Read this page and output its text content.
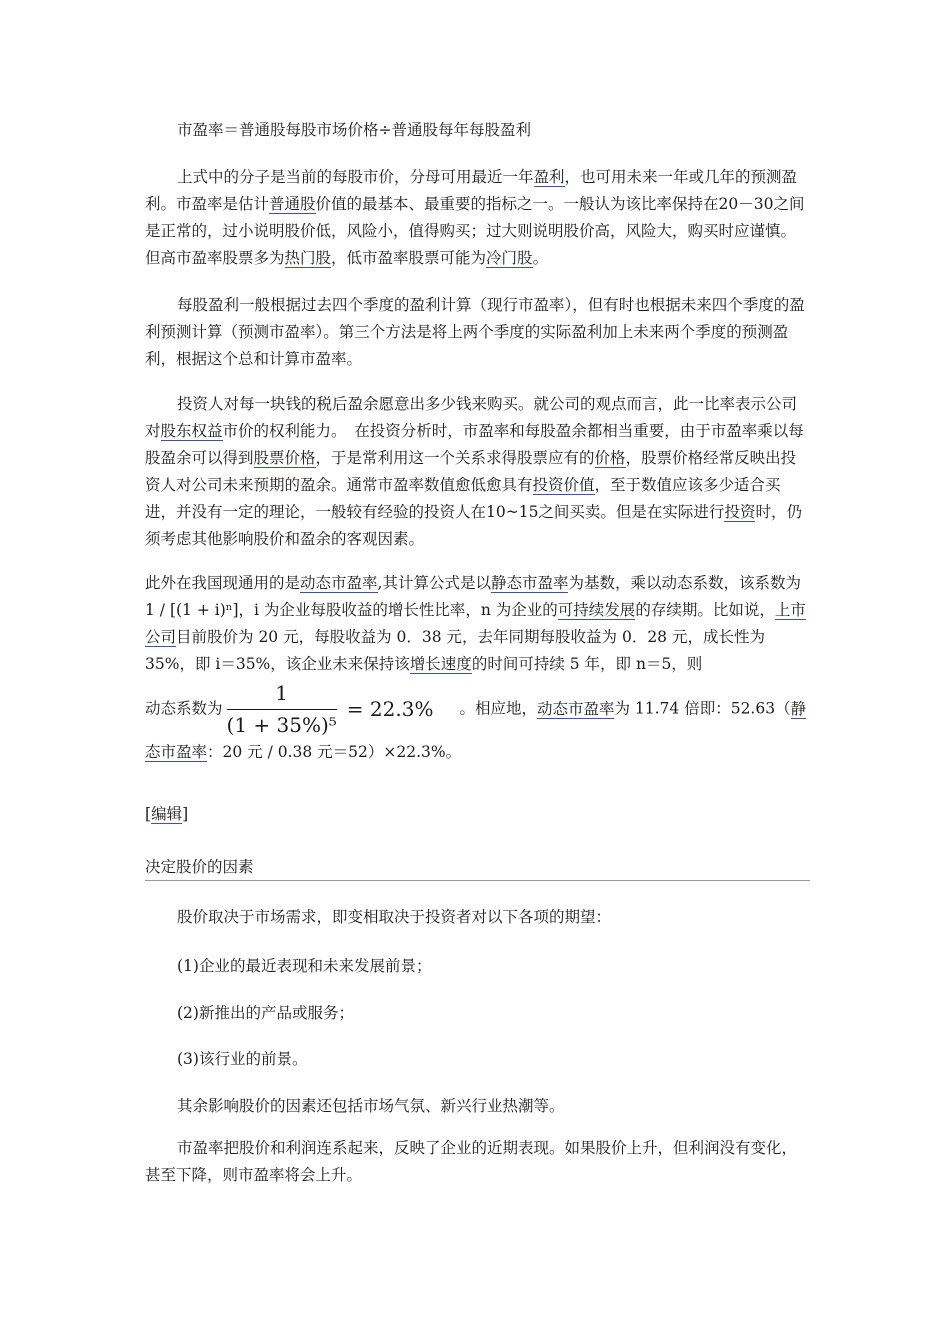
市盈率＝普通股每股市场价格÷普通股每年每股盈利

上式中的分子是当前的每股市价，分母可用最近一年盈利，也可用未来一年或几年的预测盈利。市盈率是估计普通股价值的最基本、最重要的指标之一。一般认为该比率保持在20－30之间是正常的，过小说明股价低，风险小，值得购买；过大则说明股价高，风险大，购买时应谨慎。但高市盈率股票多为热门股，低市盈率股票可能为冷门股。

每股盈利一般根据过去四个季度的盈利计算（现行市盈率），但有时也根据未来四个季度的盈利预测计算（预测市盈率）。第三个方法是将上两个季度的实际盈利加上未来两个季度的预测盈利，根据这个总和计算市盈率。

投资人对每一块钱的税后盈余愿意出多少钱来购买。就公司的观点而言，此一比率表示公司对股东权益市价的权利能力。　在投资分析时，市盈率和每股盈余都相当重要，由于市盈率乘以每股盈余可以得到股票价格，于是常利用这一个关系求得股票应有的价格，股票价格经常反映出投资人对公司未来预期的盈余。通常市盈率数值愈低愈具有投资价值，至于数值应该多少适合买进，并没有一定的理论，一般较有经验的投资人在10~15之间买卖。但是在实际进行投资时，仍须考虑其他影响股价和盈余的客观因素。

此外在我国现通用的是动态市盈率,其计算公式是以静态市盈率为基数，乘以动态系数，该系数为 1 / [(1 + i)ⁿ]，i 为企业每股收益的增长性比率，n 为企业的可持续发展的存续期。比如说，上市公司目前股价为 20 元，每股收益为 0．38 元，去年同期每股收益为 0．28 元，成长性为 35%，即 i＝35%，该企业未来保持该增长速度的时间可持续 5 年，即 n＝5，则

动态系数为 $\frac{1}{\text{(1 + 35\%)⁵}} = 22.3\%$ 。相应地，动态市盈率为 11.74 倍即：52.63（静态市盈率：20 元 / 0.38 元＝52）×22.3%。

[编辑]

决定股价的因素

股价取决于市场需求，即变相取决于投资者对以下各项的期望：

(1)企业的最近表现和未来发展前景；

(2)新推出的产品或服务；

(3)该行业的前景。

其余影响股价的因素还包括市场气氛、新兴行业热潮等。

市盈率把股价和利润连系起来，反映了企业的近期表现。如果股价上升，但利润没有变化，甚至下降，则市盈率将会上升。
